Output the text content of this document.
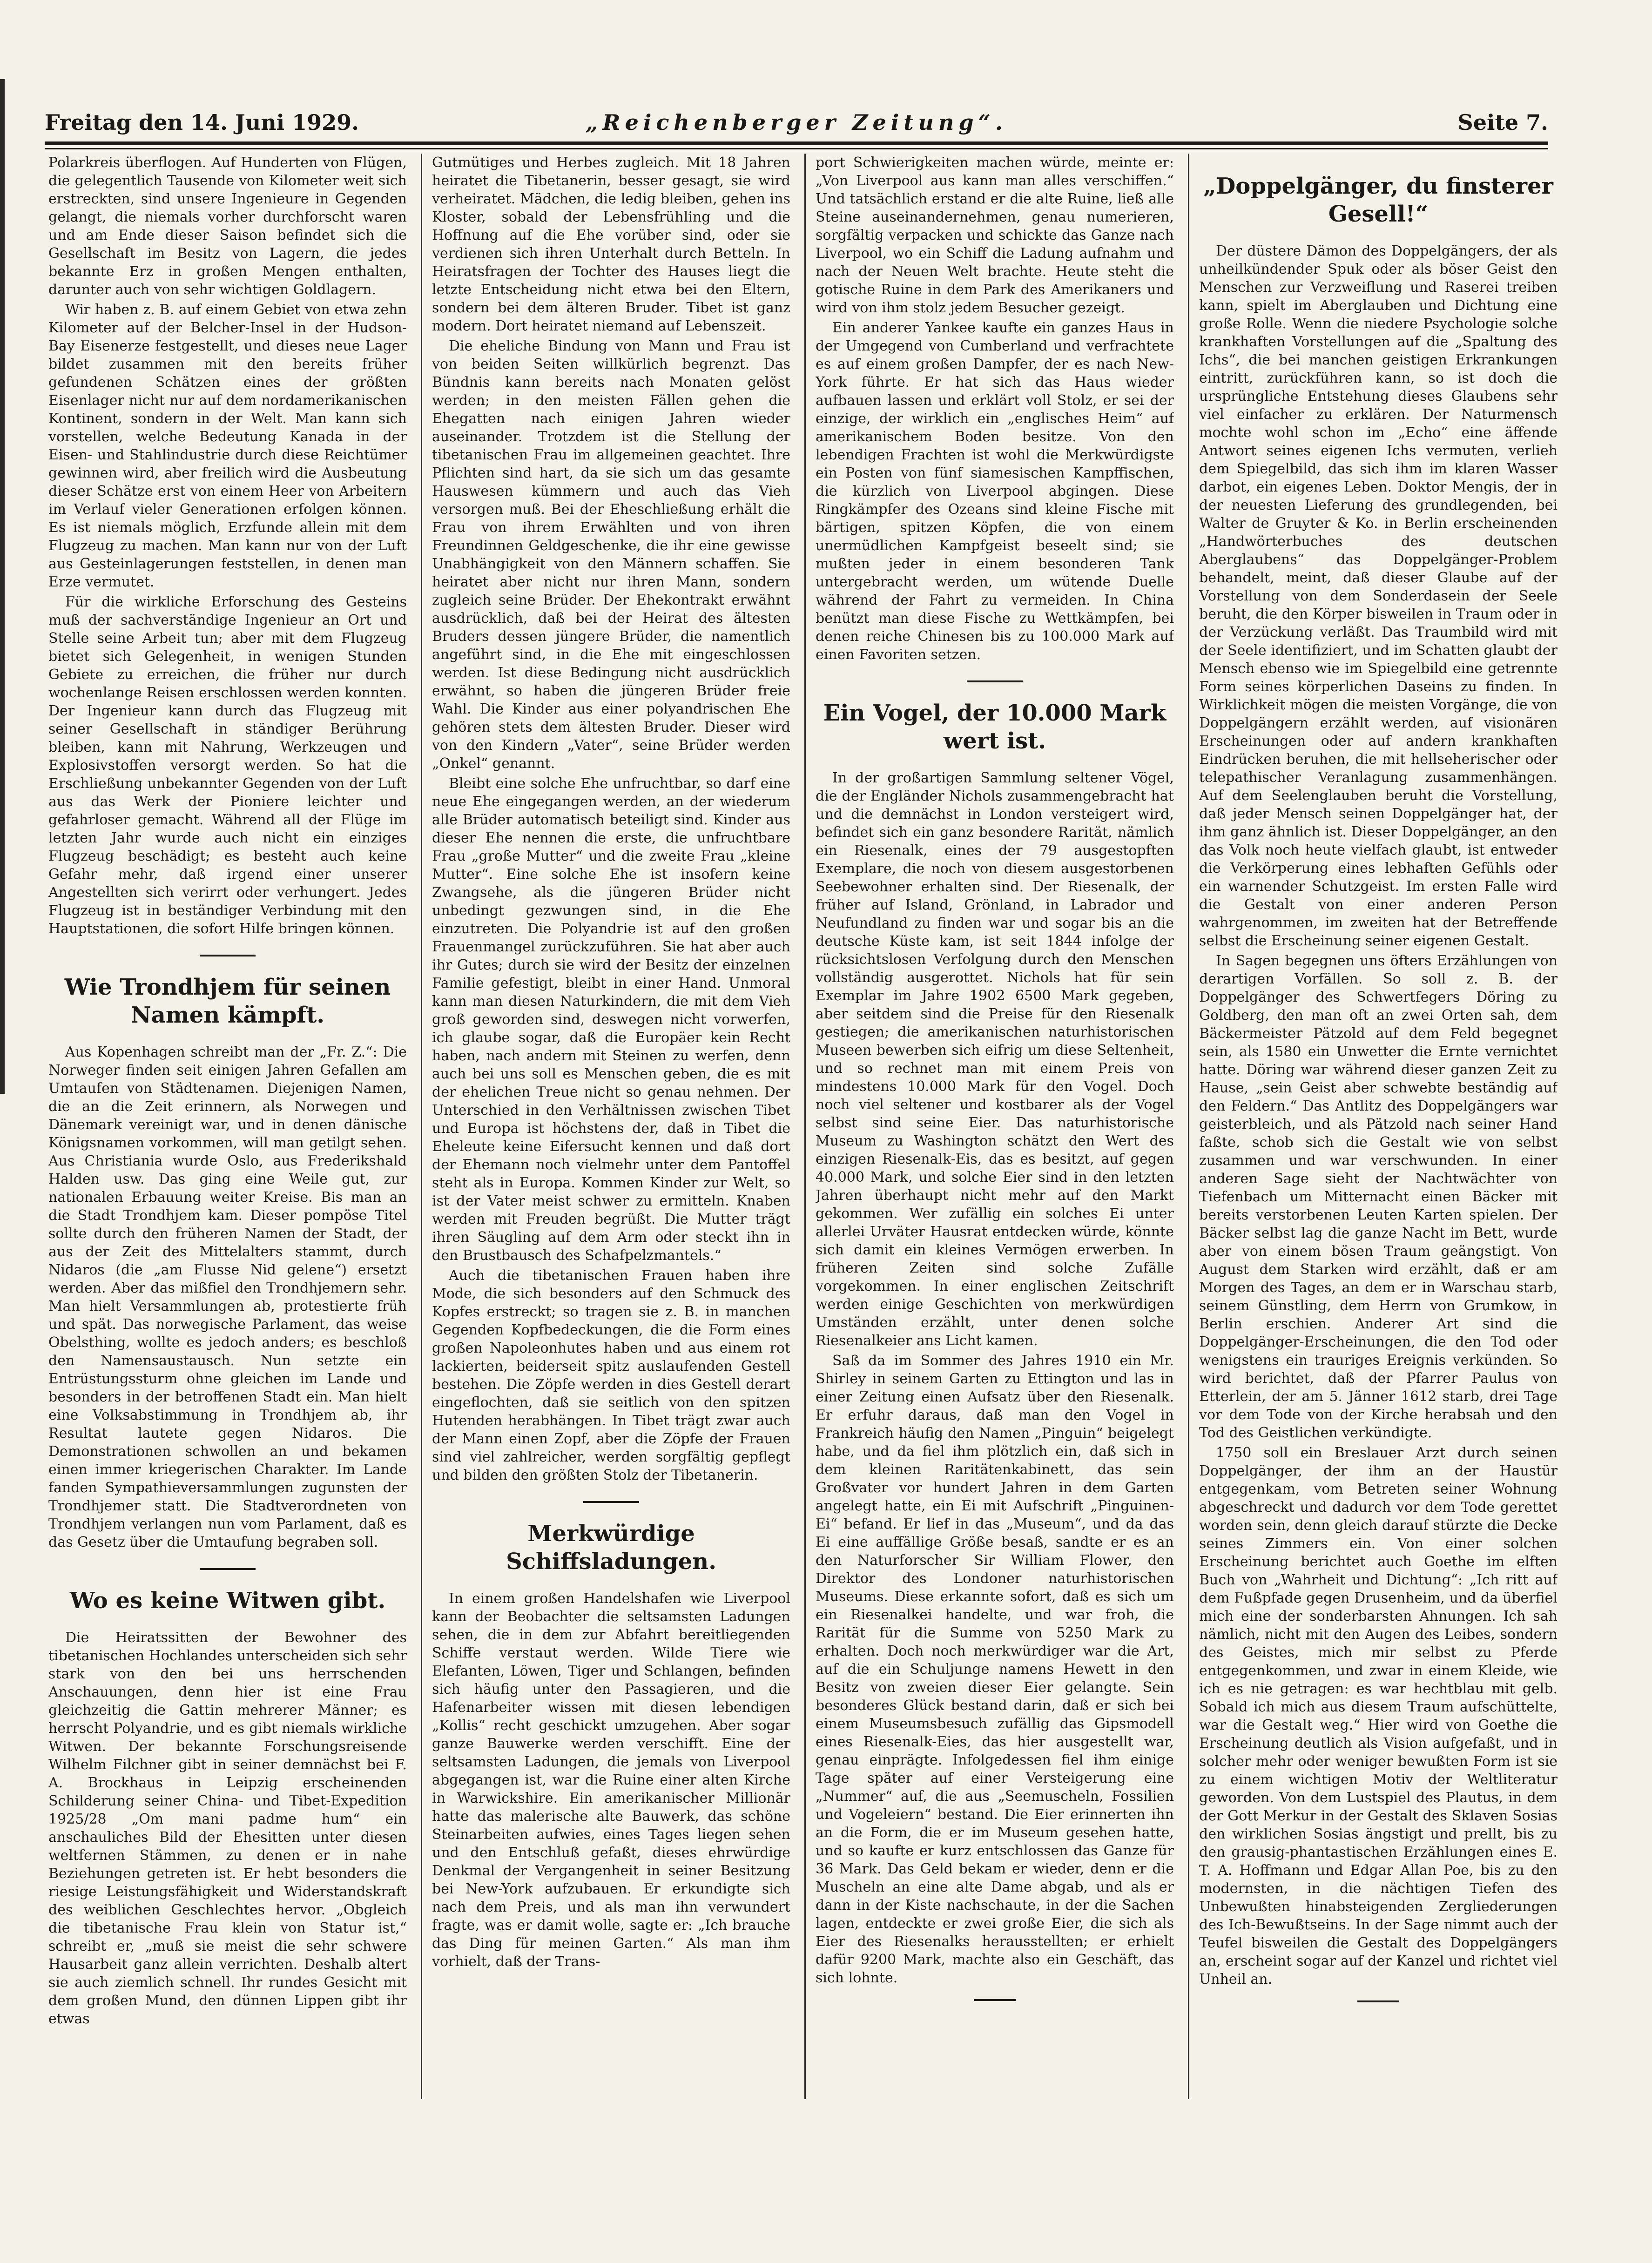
Freitag den 14. Juni 1929.	„Reichenberger Zeitung“.	Seite 7.

Polarkreis überflogen. Auf Hunderten von Flügen, die gelegentlich Tausende von Kilometer weit sich erstreckten, sind unsere Ingenieure in Gegenden gelangt, die niemals vorher durchforscht waren und am Ende dieser Saison befindet sich die Gesellschaft im Besitz von Lagern, die jedes bekannte Erz in großen Mengen enthalten, darunter auch von sehr wichtigen Goldlagern.

Wir haben z. B. auf einem Gebiet von etwa zehn Kilometer auf der Belcher-Insel in der Hudson-Bay Eisenerze festgestellt, und dieses neue Lager bildet zusammen mit den bereits früher gefundenen Schätzen eines der größten Eisenlager nicht nur auf dem nordamerikanischen Kontinent, sondern in der Welt. Man kann sich vorstellen, welche Bedeutung Kanada in der Eisen- und Stahlindustrie durch diese Reichtümer gewinnen wird, aber freilich wird die Ausbeutung dieser Schätze erst von einem Heer von Arbeitern im Verlauf vieler Generationen erfolgen können. Es ist niemals möglich, Erzfunde allein mit dem Flugzeug zu machen. Man kann nur von der Luft aus Gesteinlagerungen feststellen, in denen man Erze vermutet.

Für die wirkliche Erforschung des Gesteins muß der sachverständige Ingenieur an Ort und Stelle seine Arbeit tun; aber mit dem Flugzeug bietet sich Gelegenheit, in wenigen Stunden Gebiete zu erreichen, die früher nur durch wochenlange Reisen erschlossen werden konnten. Der Ingenieur kann durch das Flugzeug mit seiner Gesellschaft in ständiger Berührung bleiben, kann mit Nahrung, Werkzeugen und Explosivstoffen versorgt werden. So hat die Erschließung unbekannter Gegenden von der Luft aus das Werk der Pioniere leichter und gefahrloser gemacht. Während all der Flüge im letzten Jahr wurde auch nicht ein einziges Flugzeug beschädigt; es besteht auch keine Gefahr mehr, daß irgend einer unserer Angestellten sich verirrt oder verhungert. Jedes Flugzeug ist in beständiger Verbindung mit den Hauptstationen, die sofort Hilfe bringen können.

Wie Trondhjem für seinen Namen kämpft.

Aus Kopenhagen schreibt man der „Fr. Z.“: Die Norweger finden seit einigen Jahren Gefallen am Umtaufen von Städtenamen. Diejenigen Namen, die an die Zeit erinnern, als Norwegen und Dänemark vereinigt war, und in denen dänische Königsnamen vorkommen, will man getilgt sehen. Aus Christiania wurde Oslo, aus Frederikshald Halden usw. Das ging eine Weile gut, zur nationalen Erbauung weiter Kreise. Bis man an die Stadt Trondhjem kam. Dieser pompöse Titel sollte durch den früheren Namen der Stadt, der aus der Zeit des Mittelalters stammt, durch Nidaros (die „am Flusse Nid gelene“) ersetzt werden. Aber das mißfiel den Trondhjemern sehr. Man hielt Versammlungen ab, protestierte früh und spät. Das norwegische Parlament, das weise Obelsthing, wollte es jedoch anders; es beschloß den Namensaustausch. Nun setzte ein Entrüstungssturm ohne gleichen im Lande und besonders in der betroffenen Stadt ein. Man hielt eine Volksabstimmung in Trondhjem ab, ihr Resultat lautete gegen Nidaros. Die Demonstrationen schwollen an und bekamen einen immer kriegerischen Charakter. Im Lande fanden Sympathieversammlungen zugunsten der Trondhjemer statt. Die Stadtverordneten von Trondhjem verlangen nun vom Parlament, daß es das Gesetz über die Umtaufung begraben soll.

Wo es keine Witwen gibt.

Die Heiratssitten der Bewohner des tibetanischen Hochlandes unterscheiden sich sehr stark von den bei uns herrschenden Anschauungen, denn hier ist eine Frau gleichzeitig die Gattin mehrerer Männer; es herrscht Polyandrie, und es gibt niemals wirkliche Witwen. Der bekannte Forschungsreisende Wilhelm Filchner gibt in seiner demnächst bei F. A. Brockhaus in Leipzig erscheinenden Schilderung seiner China- und Tibet-Expedition 1925/28 „Om mani padme hum“ ein anschauliches Bild der Ehesitten unter diesen weltfernen Stämmen, zu denen er in nahe Beziehungen getreten ist. Er hebt besonders die riesige Leistungsfähigkeit und Widerstandskraft des weiblichen Geschlechtes hervor. „Obgleich die tibetanische Frau klein von Statur ist,“ schreibt er, „muß sie meist die sehr schwere Hausarbeit ganz allein verrichten. Deshalb altert sie auch ziemlich schnell. Ihr rundes Gesicht mit dem großen Mund, den dünnen Lippen gibt ihr etwas

Gutmütiges und Herbes zugleich. Mit 18 Jahren heiratet die Tibetanerin, besser gesagt, sie wird verheiratet. Mädchen, die ledig bleiben, gehen ins Kloster, sobald der Lebensfrühling und die Hoffnung auf die Ehe vorüber sind, oder sie verdienen sich ihren Unterhalt durch Betteln. In Heiratsfragen der Tochter des Hauses liegt die letzte Entscheidung nicht etwa bei den Eltern, sondern bei dem älteren Bruder. Tibet ist ganz modern. Dort heiratet niemand auf Lebenszeit.

Die eheliche Bindung von Mann und Frau ist von beiden Seiten willkürlich begrenzt. Das Bündnis kann bereits nach Monaten gelöst werden; in den meisten Fällen gehen die Ehegatten nach einigen Jahren wieder auseinander. Trotzdem ist die Stellung der tibetanischen Frau im allgemeinen geachtet. Ihre Pflichten sind hart, da sie sich um das gesamte Hauswesen kümmern und auch das Vieh versorgen muß. Bei der Eheschließung erhält die Frau von ihrem Erwählten und von ihren Freundinnen Geldgeschenke, die ihr eine gewisse Unabhängigkeit von den Männern schaffen. Sie heiratet aber nicht nur ihren Mann, sondern zugleich seine Brüder. Der Ehekontrakt erwähnt ausdrücklich, daß bei der Heirat des ältesten Bruders dessen jüngere Brüder, die namentlich angeführt sind, in die Ehe mit eingeschlossen werden. Ist diese Bedingung nicht ausdrücklich erwähnt, so haben die jüngeren Brüder freie Wahl. Die Kinder aus einer polyandrischen Ehe gehören stets dem ältesten Bruder. Dieser wird von den Kindern „Vater“, seine Brüder werden „Onkel“ genannt.

Bleibt eine solche Ehe unfruchtbar, so darf eine neue Ehe eingegangen werden, an der wiederum alle Brüder automatisch beteiligt sind. Kinder aus dieser Ehe nennen die erste, die unfruchtbare Frau „große Mutter“ und die zweite Frau „kleine Mutter“. Eine solche Ehe ist insofern keine Zwangsehe, als die jüngeren Brüder nicht unbedingt gezwungen sind, in die Ehe einzutreten. Die Polyandrie ist auf den großen Frauenmangel zurückzuführen. Sie hat aber auch ihr Gutes; durch sie wird der Besitz der einzelnen Familie gefestigt, bleibt in einer Hand. Unmoral kann man diesen Naturkindern, die mit dem Vieh groß geworden sind, deswegen nicht vorwerfen, ich glaube sogar, daß die Europäer kein Recht haben, nach andern mit Steinen zu werfen, denn auch bei uns soll es Menschen geben, die es mit der ehelichen Treue nicht so genau nehmen. Der Unterschied in den Verhältnissen zwischen Tibet und Europa ist höchstens der, daß in Tibet die Eheleute keine Eifersucht kennen und daß dort der Ehemann noch vielmehr unter dem Pantoffel steht als in Europa. Kommen Kinder zur Welt, so ist der Vater meist schwer zu ermitteln. Knaben werden mit Freuden begrüßt. Die Mutter trägt ihren Säugling auf dem Arm oder steckt ihn in den Brustbausch des Schafpelzmantels.“

Auch die tibetanischen Frauen haben ihre Mode, die sich besonders auf den Schmuck des Kopfes erstreckt; so tragen sie z. B. in manchen Gegenden Kopfbedeckungen, die die Form eines großen Napoleonhutes haben und aus einem rot lackierten, beiderseit spitz auslaufenden Gestell bestehen. Die Zöpfe werden in dies Gestell derart eingeflochten, daß sie seitlich von den spitzen Hutenden herabhängen. In Tibet trägt zwar auch der Mann einen Zopf, aber die Zöpfe der Frauen sind viel zahlreicher, werden sorgfältig gepflegt und bilden den größten Stolz der Tibetanerin.

Merkwürdige Schiffsladungen.

In einem großen Handelshafen wie Liverpool kann der Beobachter die seltsamsten Ladungen sehen, die in dem zur Abfahrt bereitliegenden Schiffe verstaut werden. Wilde Tiere wie Elefanten, Löwen, Tiger und Schlangen, befinden sich häufig unter den Passagieren, und die Hafenarbeiter wissen mit diesen lebendigen „Kollis“ recht geschickt umzugehen. Aber sogar ganze Bauwerke werden verschifft. Eine der seltsamsten Ladungen, die jemals von Liverpool abgegangen ist, war die Ruine einer alten Kirche in Warwickshire. Ein amerikanischer Millionär hatte das malerische alte Bauwerk, das schöne Steinarbeiten aufwies, eines Tages liegen sehen und den Entschluß gefaßt, dieses ehrwürdige Denkmal der Vergangenheit in seiner Besitzung bei New-York aufzubauen. Er erkundigte sich nach dem Preis, und als man ihn verwundert fragte, was er damit wolle, sagte er: „Ich brauche das Ding für meinen Garten.“ Als man ihm vorhielt, daß der Trans-

port Schwierigkeiten machen würde, meinte er: „Von Liverpool aus kann man alles verschiffen.“ Und tatsächlich erstand er die alte Ruine, ließ alle Steine auseinandernehmen, genau numerieren, sorgfältig verpacken und schickte das Ganze nach Liverpool, wo ein Schiff die Ladung aufnahm und nach der Neuen Welt brachte. Heute steht die gotische Ruine in dem Park des Amerikaners und wird von ihm stolz jedem Besucher gezeigt.

Ein anderer Yankee kaufte ein ganzes Haus in der Umgegend von Cumberland und verfrachtete es auf einem großen Dampfer, der es nach New-York führte. Er hat sich das Haus wieder aufbauen lassen und erklärt voll Stolz, er sei der einzige, der wirklich ein „englisches Heim“ auf amerikanischem Boden besitze. Von den lebendigen Frachten ist wohl die Merkwürdigste ein Posten von fünf siamesischen Kampffischen, die kürzlich von Liverpool abgingen. Diese Ringkämpfer des Ozeans sind kleine Fische mit bärtigen, spitzen Köpfen, die von einem unermüdlichen Kampfgeist beseelt sind; sie mußten jeder in einem besonderen Tank untergebracht werden, um wütende Duelle während der Fahrt zu vermeiden. In China benützt man diese Fische zu Wettkämpfen, bei denen reiche Chinesen bis zu 100.000 Mark auf einen Favoriten setzen.

Ein Vogel, der 10.000 Mark wert ist.

In der großartigen Sammlung seltener Vögel, die der Engländer Nichols zusammengebracht hat und die demnächst in London versteigert wird, befindet sich ein ganz besondere Rarität, nämlich ein Riesenalk, eines der 79 ausgestopften Exemplare, die noch von diesem ausgestorbenen Seebewohner erhalten sind. Der Riesenalk, der früher auf Island, Grönland, in Labrador und Neufundland zu finden war und sogar bis an die deutsche Küste kam, ist seit 1844 infolge der rücksichtslosen Verfolgung durch den Menschen vollständig ausgerottet. Nichols hat für sein Exemplar im Jahre 1902 6500 Mark gegeben, aber seitdem sind die Preise für den Riesenalk gestiegen; die amerikanischen naturhistorischen Museen bewerben sich eifrig um diese Seltenheit, und so rechnet man mit einem Preis von mindestens 10.000 Mark für den Vogel. Doch noch viel seltener und kostbarer als der Vogel selbst sind seine Eier. Das naturhistorische Museum zu Washington schätzt den Wert des einzigen Riesenalk-Eis, das es besitzt, auf gegen 40.000 Mark, und solche Eier sind in den letzten Jahren überhaupt nicht mehr auf den Markt gekommen. Wer zufällig ein solches Ei unter allerlei Urväter Hausrat entdecken würde, könnte sich damit ein kleines Vermögen erwerben. In früheren Zeiten sind solche Zufälle vorgekommen. In einer englischen Zeitschrift werden einige Geschichten von merkwürdigen Umständen erzählt, unter denen solche Riesenalkeier ans Licht kamen.

Saß da im Sommer des Jahres 1910 ein Mr. Shirley in seinem Garten zu Ettington und las in einer Zeitung einen Aufsatz über den Riesenalk. Er erfuhr daraus, daß man den Vogel in Frankreich häufig den Namen „Pinguin“ beigelegt habe, und da fiel ihm plötzlich ein, daß sich in dem kleinen Raritätenkabinett, das sein Großvater vor hundert Jahren in dem Garten angelegt hatte, ein Ei mit Aufschrift „Pinguinen-Ei“ befand. Er lief in das „Museum“, und da das Ei eine auffällige Größe besaß, sandte er es an den Naturforscher Sir William Flower, den Direktor des Londoner naturhistorischen Museums. Diese erkannte sofort, daß es sich um ein Riesenalkei handelte, und war froh, die Rarität für die Summe von 5250 Mark zu erhalten. Doch noch merkwürdiger war die Art, auf die ein Schuljunge namens Hewett in den Besitz von zweien dieser Eier gelangte. Sein besonderes Glück bestand darin, daß er sich bei einem Museumsbesuch zufällig das Gipsmodell eines Riesenalk-Eies, das hier ausgestellt war, genau einprägte. Infolgedessen fiel ihm einige Tage später auf einer Versteigerung eine „Nummer“ auf, die aus „Seemuscheln, Fossilien und Vogeleiern“ bestand. Die Eier erinnerten ihn an die Form, die er im Museum gesehen hatte, und so kaufte er kurz entschlossen das Ganze für 36 Mark. Das Geld bekam er wieder, denn er die Muscheln an eine alte Dame abgab, und als er dann in der Kiste nachschaute, in der die Sachen lagen, entdeckte er zwei große Eier, die sich als Eier des Riesenalks herausstellten; er erhielt dafür 9200 Mark, machte also ein Geschäft, das sich lohnte.

„Doppelgänger, du finsterer Gesell!“

Der düstere Dämon des Doppelgängers, der als unheilkündender Spuk oder als böser Geist den Menschen zur Verzweiflung und Raserei treiben kann, spielt im Aberglauben und Dichtung eine große Rolle. Wenn die niedere Psychologie solche krankhaften Vorstellungen auf die „Spaltung des Ichs“, die bei manchen geistigen Erkrankungen eintritt, zurückführen kann, so ist doch die ursprüngliche Entstehung dieses Glaubens sehr viel einfacher zu erklären. Der Naturmensch mochte wohl schon im „Echo“ eine äffende Antwort seines eigenen Ichs vermuten, verlieh dem Spiegelbild, das sich ihm im klaren Wasser darbot, ein eigenes Leben. Doktor Mengis, der in der neuesten Lieferung des grundlegenden, bei Walter de Gruyter & Ko. in Berlin erscheinenden „Handwörterbuches des deutschen Aberglaubens“ das Doppelgänger-Problem behandelt, meint, daß dieser Glaube auf der Vorstellung von dem Sonderdasein der Seele beruht, die den Körper bisweilen in Traum oder in der Verzückung verläßt. Das Traumbild wird mit der Seele identifiziert, und im Schatten glaubt der Mensch ebenso wie im Spiegelbild eine getrennte Form seines körperlichen Daseins zu finden. In Wirklichkeit mögen die meisten Vorgänge, die von Doppelgängern erzählt werden, auf visionären Erscheinungen oder auf andern krankhaften Eindrücken beruhen, die mit hellseherischer oder telepathischer Veranlagung zusammenhängen. Auf dem Seelenglauben beruht die Vorstellung, daß jeder Mensch seinen Doppelgänger hat, der ihm ganz ähnlich ist. Dieser Doppelgänger, an den das Volk noch heute vielfach glaubt, ist entweder die Verkörperung eines lebhaften Gefühls oder ein warnender Schutzgeist. Im ersten Falle wird die Gestalt von einer anderen Person wahrgenommen, im zweiten hat der Betreffende selbst die Erscheinung seiner eigenen Gestalt.

In Sagen begegnen uns öfters Erzählungen von derartigen Vorfällen. So soll z. B. der Doppelgänger des Schwertfegers Döring zu Goldberg, den man oft an zwei Orten sah, dem Bäckermeister Pätzold auf dem Feld begegnet sein, als 1580 ein Unwetter die Ernte vernichtet hatte. Döring war während dieser ganzen Zeit zu Hause, „sein Geist aber schwebte beständig auf den Feldern.“ Das Antlitz des Doppelgängers war geisterbleich, und als Pätzold nach seiner Hand faßte, schob sich die Gestalt wie von selbst zusammen und war verschwunden. In einer anderen Sage sieht der Nachtwächter von Tiefenbach um Mitternacht einen Bäcker mit bereits verstorbenen Leuten Karten spielen. Der Bäcker selbst lag die ganze Nacht im Bett, wurde aber von einem bösen Traum geängstigt. Von August dem Starken wird erzählt, daß er am Morgen des Tages, an dem er in Warschau starb, seinem Günstling, dem Herrn von Grumkow, in Berlin erschien. Anderer Art sind die Doppelgänger-Erscheinungen, die den Tod oder wenigstens ein trauriges Ereignis verkünden. So wird berichtet, daß der Pfarrer Paulus von Etterlein, der am 5. Jänner 1612 starb, drei Tage vor dem Tode von der Kirche herabsah und den Tod des Geistlichen verkündigte.

1750 soll ein Breslauer Arzt durch seinen Doppelgänger, der ihm an der Haustür entgegenkam, vom Betreten seiner Wohnung abgeschreckt und dadurch vor dem Tode gerettet worden sein, denn gleich darauf stürzte die Decke seines Zimmers ein. Von einer solchen Erscheinung berichtet auch Goethe im elften Buch von „Wahrheit und Dichtung“: „Ich ritt auf dem Fußpfade gegen Drusenheim, und da überfiel mich eine der sonderbarsten Ahnungen. Ich sah nämlich, nicht mit den Augen des Leibes, sondern des Geistes, mich mir selbst zu Pferde entgegenkommen, und zwar in einem Kleide, wie ich es nie getragen: es war hechtblau mit gelb. Sobald ich mich aus diesem Traum aufschüttelte, war die Gestalt weg.“ Hier wird von Goethe die Erscheinung deutlich als Vision aufgefaßt, und in solcher mehr oder weniger bewußten Form ist sie zu einem wichtigen Motiv der Weltliteratur geworden. Von dem Lustspiel des Plautus, in dem der Gott Merkur in der Gestalt des Sklaven Sosias den wirklichen Sosias ängstigt und prellt, bis zu den grausig-phantastischen Erzählungen eines E. T. A. Hoffmann und Edgar Allan Poe, bis zu den modernsten, in die nächtigen Tiefen des Unbewußten hinabsteigenden Zergliederungen des Ich-Bewußtseins. In der Sage nimmt auch der Teufel bisweilen die Gestalt des Doppelgängers an, erscheint sogar auf der Kanzel und richtet viel Unheil an.
